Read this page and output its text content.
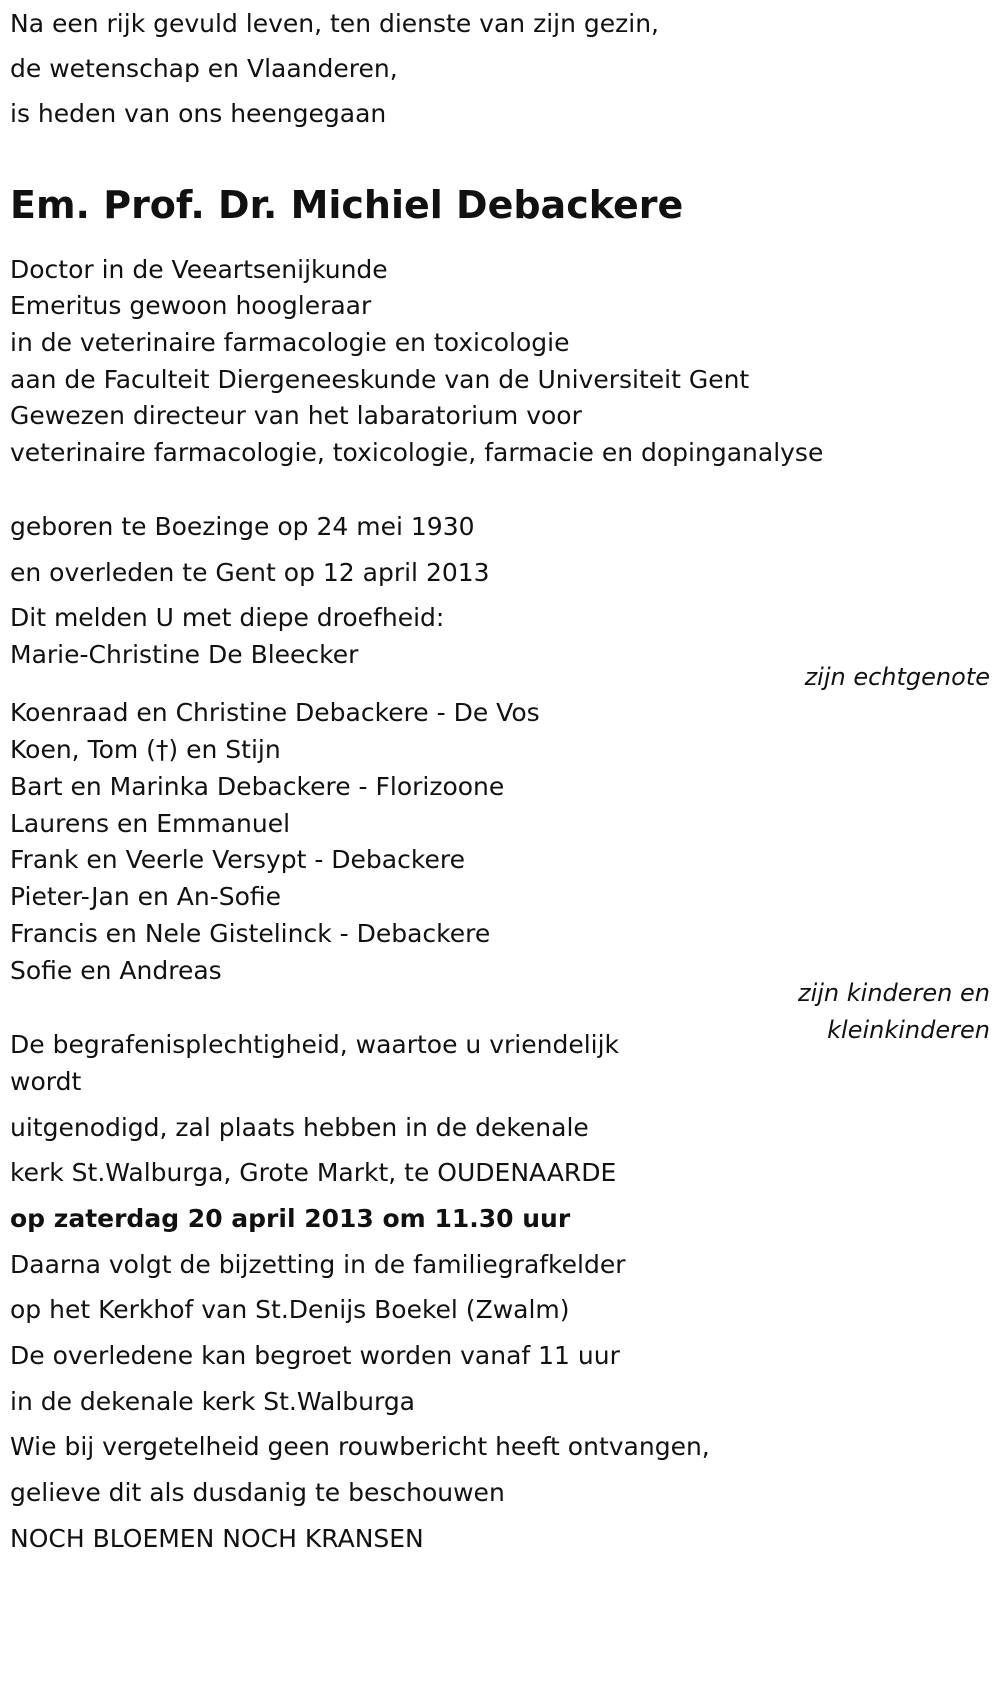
Na een rijk gevuld leven, ten dienste van zijn gezin,
de wetenschap en Vlaanderen,
is heden van ons heengegaan
Em. Prof. Dr. Michiel Debackere
Doctor in de Veeartsenijkunde
Emeritus gewoon hoogleraar
in de veterinaire farmacologie en toxicologie
aan de Faculteit Diergeneeskunde van de Universiteit Gent
Gewezen directeur van het labaratorium voor
veterinaire farmacologie, toxicologie, farmacie en dopinganalyse
geboren te Boezinge op 24 mei 1930
en overleden te Gent op 12 april 2013
Dit melden U met diepe droefheid:
Marie-Christine De Bleecker
zijn echtgenote
Koenraad en Christine Debackere - De Vos
Koen, Tom (†) en Stijn
Bart en Marinka Debackere - Florizoone
Laurens en Emmanuel
Frank en Veerle Versypt - Debackere
Pieter-Jan en An-Sofie
Francis en Nele Gistelinck - Debackere
Sofie en Andreas
zijn kinderen en
kleinkinderen
De begrafenisplechtigheid, waartoe u vriendelijk
wordt
uitgenodigd, zal plaats hebben in de dekenale
kerk St.Walburga, Grote Markt, te OUDENAARDE
op zaterdag 20 april 2013 om 11.30 uur
Daarna volgt de bijzetting in de familiegrafkelder
op het Kerkhof van St.Denijs Boekel (Zwalm)
De overledene kan begroet worden vanaf 11 uur
in de dekenale kerk St.Walburga
Wie bij vergetelheid geen rouwbericht heeft ontvangen,
gelieve dit als dusdanig te beschouwen
NOCH BLOEMEN NOCH KRANSEN
